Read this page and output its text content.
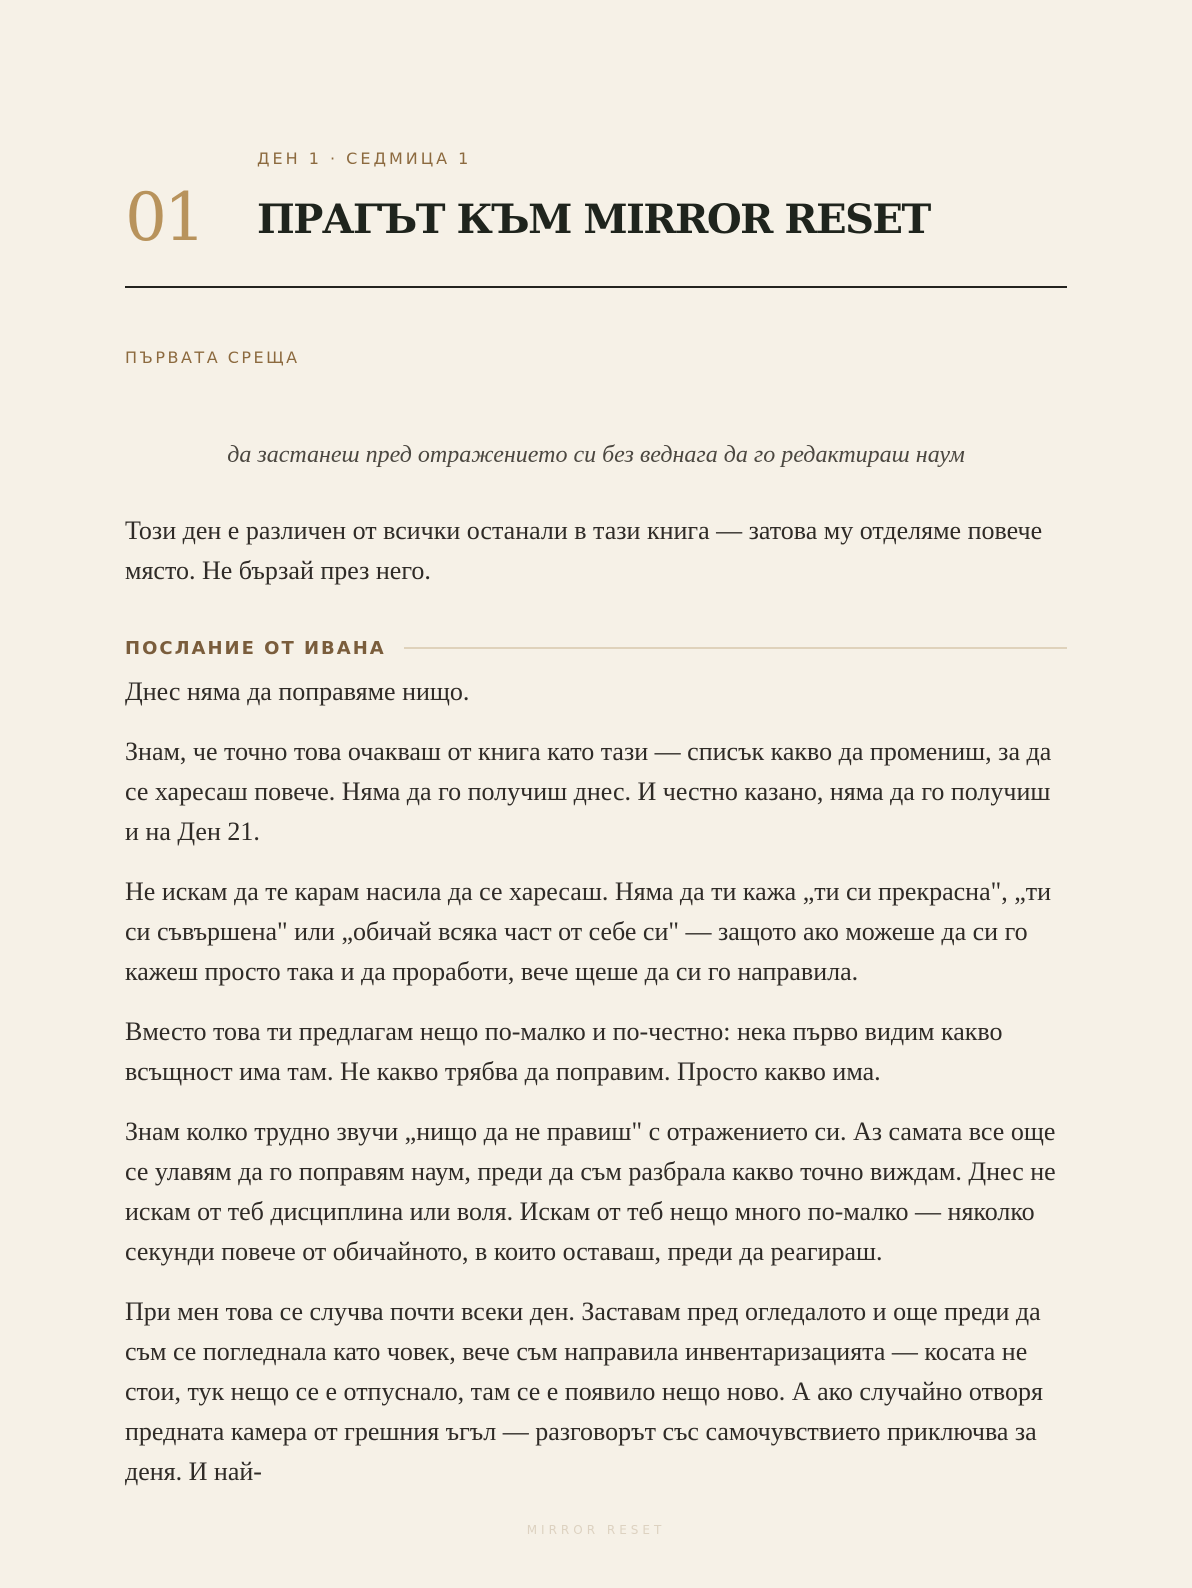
ДЕН 1 · СЕДМИЦА 1
01 ПРАГЪТ КЪМ MIRROR RESET
ПЪРВАТА СРЕЩА
да застанеш пред отражението си без веднага да го редактираш наум

Този ден е различен от всички останали в тази книга — затова му отделяме повече място. Не бързай през него.

ПОСЛАНИЕ ОТ ИВАНА

Днес няма да поправяме нищо.

Знам, че точно това очакваш от книга като тази — списък какво да промениш, за да се харесаш повече. Няма да го получиш днес. И честно казано, няма да го получиш и на Ден 21.

Не искам да те карам насила да се харесаш. Няма да ти кажа „ти си прекрасна", „ти си съвършена" или „обичай всяка част от себе си" — защото ако можеше да си го кажеш просто така и да проработи, вече щеше да си го направила.

Вместо това ти предлагам нещо по-малко и по-честно: нека първо видим какво всъщност има там. Не какво трябва да поправим. Просто какво има.

Знам колко трудно звучи „нищо да не правиш" с отражението си. Аз самата все още се улавям да го поправям наум, преди да съм разбрала какво точно виждам. Днес не искам от теб дисциплина или воля. Искам от теб нещо много по-малко — няколко секунди повече от обичайното, в които оставаш, преди да реагираш.

При мен това се случва почти всеки ден. Заставам пред огледалото и още преди да съм се погледнала като човек, вече съм направила инвентаризацията — косата не стои, тук нещо се е отпуснало, там се е появило нещо ново. А ако случайно отворя предната камера от грешния ъгъл — разговорът със самочувствието приключва за деня. И най-

MIRROR RESET
